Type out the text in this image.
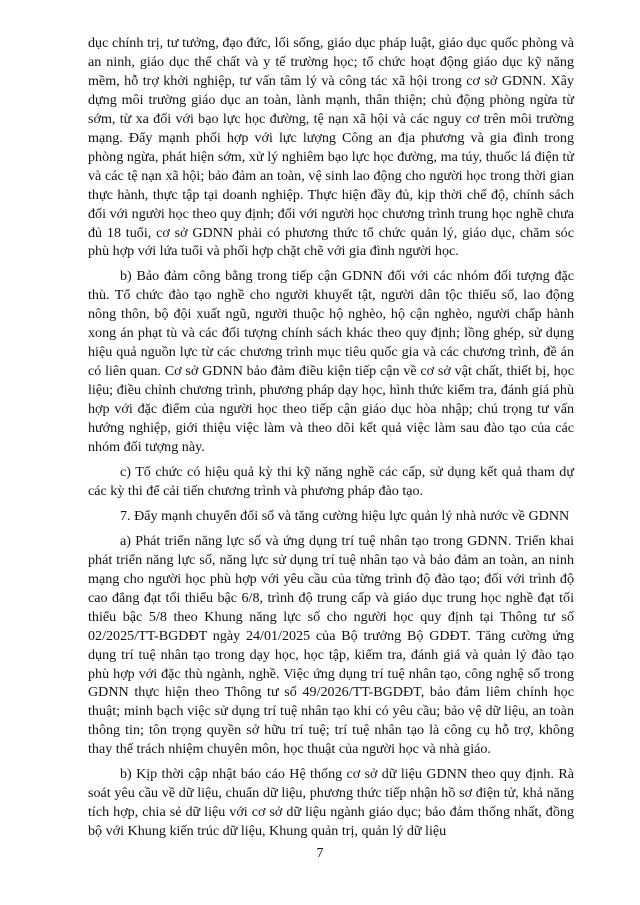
dục chính trị, tư tưởng, đạo đức, lối sống, giáo dục pháp luật, giáo dục quốc phòng và an ninh, giáo dục thể chất và y tế trường học; tổ chức hoạt động giáo dục kỹ năng mềm, hỗ trợ khởi nghiệp, tư vấn tâm lý và công tác xã hội trong cơ sở GDNN. Xây dựng môi trường giáo dục an toàn, lành mạnh, thân thiện; chủ động phòng ngừa từ sớm, từ xa đối với bạo lực học đường, tệ nạn xã hội và các nguy cơ trên môi trường mạng. Đẩy mạnh phối hợp với lực lượng Công an địa phương và gia đình trong phòng ngừa, phát hiện sớm, xử lý nghiêm bạo lực học đường, ma túy, thuốc lá điện tử và các tệ nạn xã hội; bảo đảm an toàn, vệ sinh lao động cho người học trong thời gian thực hành, thực tập tại doanh nghiệp. Thực hiện đầy đủ, kịp thời chế độ, chính sách đối với người học theo quy định; đối với người học chương trình trung học nghề chưa đủ 18 tuổi, cơ sở GDNN phải có phương thức tổ chức quản lý, giáo dục, chăm sóc phù hợp với lứa tuổi và phối hợp chặt chẽ với gia đình người học.

b) Bảo đảm công bằng trong tiếp cận GDNN đối với các nhóm đối tượng đặc thù. Tổ chức đào tạo nghề cho người khuyết tật, người dân tộc thiểu số, lao động nông thôn, bộ đội xuất ngũ, người thuộc hộ nghèo, hộ cận nghèo, người chấp hành xong án phạt tù và các đối tượng chính sách khác theo quy định; lồng ghép, sử dụng hiệu quả nguồn lực từ các chương trình mục tiêu quốc gia và các chương trình, đề án có liên quan. Cơ sở GDNN bảo đảm điều kiện tiếp cận về cơ sở vật chất, thiết bị, học liệu; điều chỉnh chương trình, phương pháp dạy học, hình thức kiểm tra, đánh giá phù hợp với đặc điểm của người học theo tiếp cận giáo dục hòa nhập; chú trọng tư vấn hướng nghiệp, giới thiệu việc làm và theo dõi kết quả việc làm sau đào tạo của các nhóm đối tượng này.

c) Tổ chức có hiệu quả kỳ thi kỹ năng nghề các cấp, sử dụng kết quả tham dự các kỳ thi để cải tiến chương trình và phương pháp đào tạo.

7. Đẩy mạnh chuyển đổi số và tăng cường hiệu lực quản lý nhà nước về GDNN

a) Phát triển năng lực số và ứng dụng trí tuệ nhân tạo trong GDNN. Triển khai phát triển năng lực số, năng lực sử dụng trí tuệ nhân tạo và bảo đảm an toàn, an ninh mạng cho người học phù hợp với yêu cầu của từng trình độ đào tạo; đối với trình độ cao đẳng đạt tối thiểu bậc 6/8, trình độ trung cấp và giáo dục trung học nghề đạt tối thiểu bậc 5/8 theo Khung năng lực số cho người học quy định tại Thông tư số 02/2025/TT-BGDĐT ngày 24/01/2025 của Bộ trưởng Bộ GDĐT. Tăng cường ứng dụng trí tuệ nhân tạo trong dạy học, học tập, kiểm tra, đánh giá và quản lý đào tạo phù hợp với đặc thù ngành, nghề. Việc ứng dụng trí tuệ nhân tạo, công nghệ số trong GDNN thực hiện theo Thông tư số 49/2026/TT-BGDĐT, bảo đảm liêm chính học thuật; minh bạch việc sử dụng trí tuệ nhân tạo khi có yêu cầu; bảo vệ dữ liệu, an toàn thông tin; tôn trọng quyền sở hữu trí tuệ; trí tuệ nhân tạo là công cụ hỗ trợ, không thay thế trách nhiệm chuyên môn, học thuật của người học và nhà giáo.

b) Kịp thời cập nhật báo cáo Hệ thống cơ sở dữ liệu GDNN theo quy định. Rà soát yêu cầu về dữ liệu, chuẩn dữ liệu, phương thức tiếp nhận hồ sơ điện tử, khả năng tích hợp, chia sẻ dữ liệu với cơ sở dữ liệu ngành giáo dục; bảo đảm thống nhất, đồng bộ với Khung kiến trúc dữ liệu, Khung quản trị, quản lý dữ liệu

7
